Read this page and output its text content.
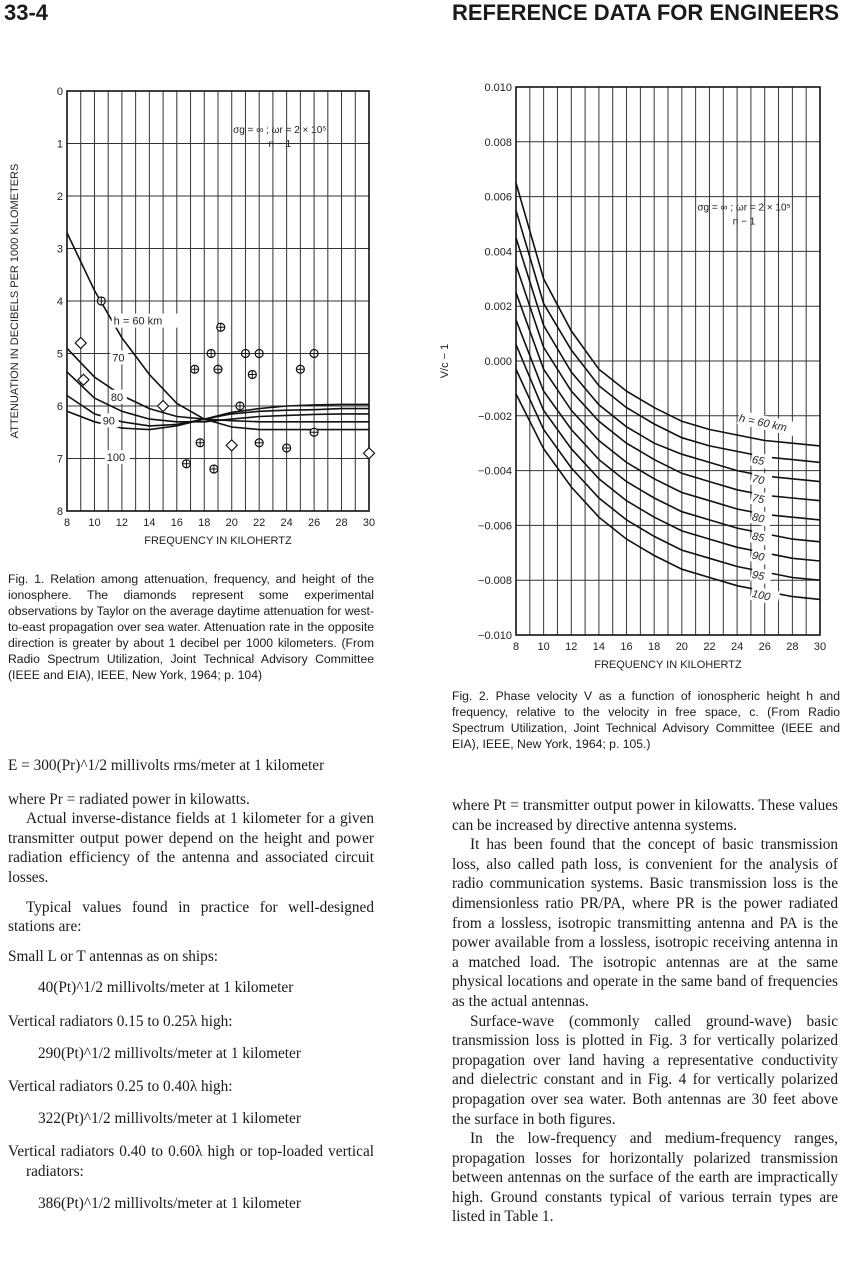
33-4	REFERENCE DATA FOR ENGINEERS
8 10 12 14 16 18 20 22 24 26 28 30
0
1
2
3
4
5
6
7
8
FREQUENCY IN KILOHERTZ
ATTENUATION IN DECIBELS PER 1000 KILOMETERS
σg = ∞ ; ωr = 2 × 10⁵
n − 1
h = 60 km
70
80
90
100
Fig. 1. Relation among attenuation, frequency, and height of the ionosphere. The diamonds represent some experimental observations by Taylor on the average daytime attenuation for west-to-east propagation over sea water. Attenuation rate in the opposite direction is greater by about 1 decibel per 1000 kilometers. (From Radio Spectrum Utilization, Joint Technical Advisory Committee (IEEE and EIA), IEEE, New York, 1964; p. 104)
8 10 12 14 16 18 20 22 24 26 28 30
0.010
0.008
0.006
0.004
0.002
0.000
−0.002
−0.004
−0.006
−0.008
−0.010
FREQUENCY IN KILOHERTZ
V/c − 1
σg = ∞ ; ωr = 2 × 10⁵
n − 1
h = 60 km
65
70
75
80
85
90
95
100
Fig. 2. Phase velocity V as a function of ionospheric height h and frequency, relative to the velocity in free space, c. (From Radio Spectrum Utilization, Joint Technical Advisory Committee (IEEE and EIA), IEEE, New York, 1964; p. 105.)

E = 300(Pr)^1/2 millivolts rms/meter at 1 kilometer

where Pr = radiated power in kilowatts.

Actual inverse-distance fields at 1 kilometer for a given transmitter output power depend on the height and power radiation efficiency of the antenna and associated circuit losses.

Typical values found in practice for well-designed stations are:

Small L or T antennas as on ships:

40(Pt)^1/2 millivolts/meter at 1 kilometer

Vertical radiators 0.15 to 0.25λ high:

290(Pt)^1/2 millivolts/meter at 1 kilometer

Vertical radiators 0.25 to 0.40λ high:

322(Pt)^1/2 millivolts/meter at 1 kilometer

Vertical radiators 0.40 to 0.60λ high or top-loaded vertical radiators:

386(Pt)^1/2 millivolts/meter at 1 kilometer

where Pt = transmitter output power in kilowatts. These values can be increased by directive antenna systems.

It has been found that the concept of basic transmission loss, also called path loss, is convenient for the analysis of radio communication systems. Basic transmission loss is the dimensionless ratio PR/PA, where PR is the power radiated from a lossless, isotropic transmitting antenna and PA is the power available from a lossless, isotropic receiving antenna in a matched load. The isotropic antennas are at the same physical locations and operate in the same band of frequencies as the actual antennas.

Surface-wave (commonly called ground-wave) basic transmission loss is plotted in Fig. 3 for vertically polarized propagation over land having a representative conductivity and dielectric constant and in Fig. 4 for vertically polarized propagation over sea water. Both antennas are 30 feet above the surface in both figures.

In the low-frequency and medium-frequency ranges, propagation losses for horizontally polarized transmission between antennas on the surface of the earth are impractically high. Ground constants typical of various terrain types are listed in Table 1.
